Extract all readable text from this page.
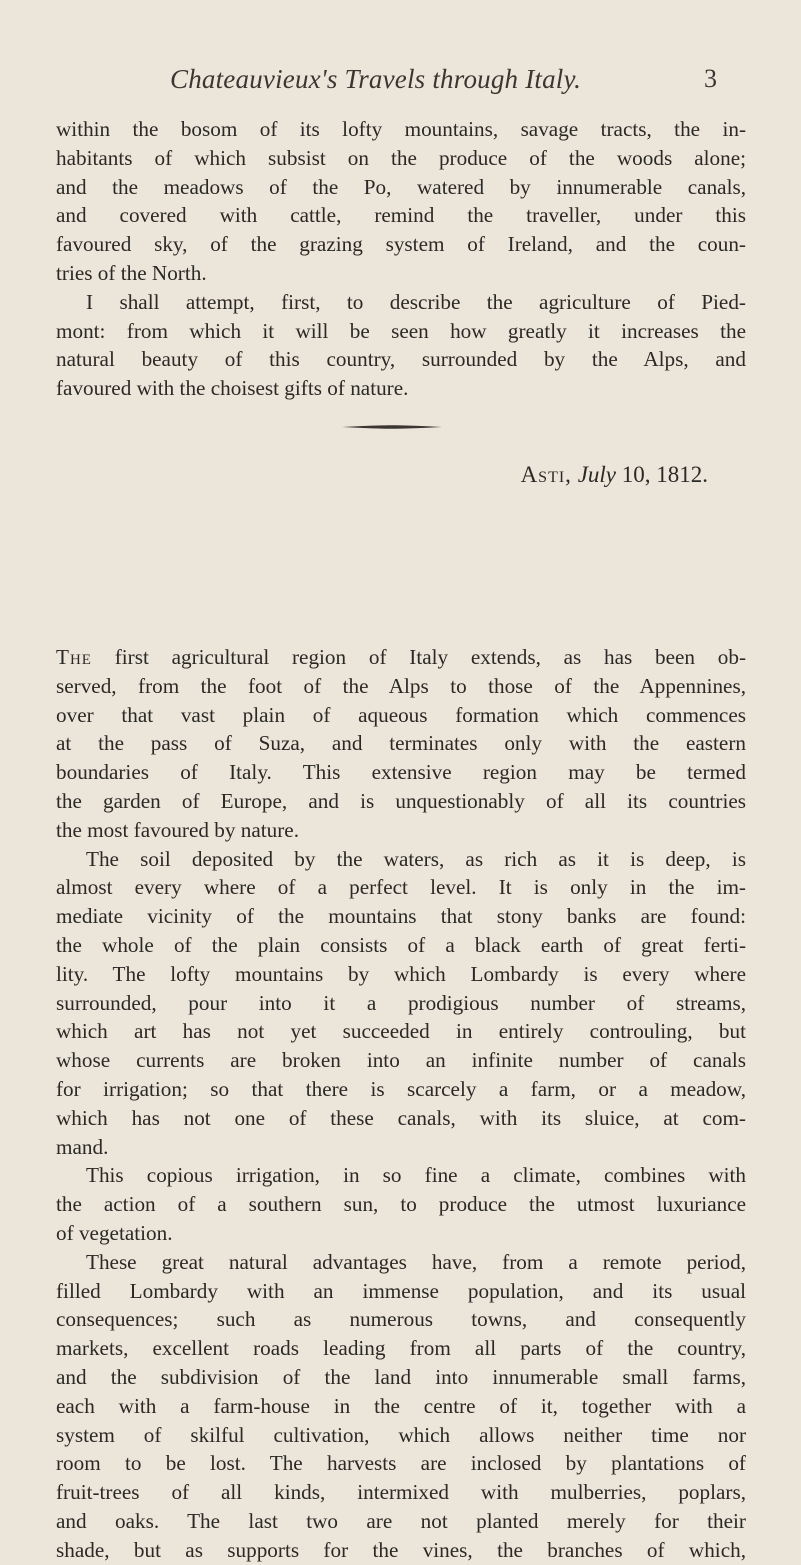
Chateauvieux's Travels through Italy.	3
within the bosom of its lofty mountains, savage tracts, the in-
habitants of which subsist on the produce of the woods alone;
and the meadows of the Po, watered by innumerable canals,
and covered with cattle, remind the traveller, under this
favoured sky, of the grazing system of Ireland, and the coun-
tries of the North.
I shall attempt, first, to describe the agriculture of Pied-
mont: from which it will be seen how greatly it increases the
natural beauty of this country, surrounded by the Alps, and
favoured with the choisest gifts of nature.
Asti, July 10, 1812.
The first agricultural region of Italy extends, as has been ob-
served, from the foot of the Alps to those of the Appennines,
over that vast plain of aqueous formation which commences
at the pass of Suza, and terminates only with the eastern
boundaries of Italy. This extensive region may be termed
the garden of Europe, and is unquestionably of all its countries
the most favoured by nature.
The soil deposited by the waters, as rich as it is deep, is
almost every where of a perfect level. It is only in the im-
mediate vicinity of the mountains that stony banks are found:
the whole of the plain consists of a black earth of great ferti-
lity. The lofty mountains by which Lombardy is every where
surrounded, pour into it a prodigious number of streams,
which art has not yet succeeded in entirely controuling, but
whose currents are broken into an infinite number of canals
for irrigation; so that there is scarcely a farm, or a meadow,
which has not one of these canals, with its sluice, at com-
mand.
This copious irrigation, in so fine a climate, combines with
the action of a southern sun, to produce the utmost luxuriance
of vegetation.
These great natural advantages have, from a remote period,
filled Lombardy with an immense population, and its usual
consequences; such as numerous towns, and consequently
markets, excellent roads leading from all parts of the country,
and the subdivision of the land into innumerable small farms,
each with a farm-house in the centre of it, together with a
system of skilful cultivation, which allows neither time nor
room to be lost. The harvests are inclosed by plantations of
fruit-trees of all kinds, intermixed with mulberries, poplars,
and oaks. The last two are not planted merely for their
shade, but as supports for the vines, the branches of which,
